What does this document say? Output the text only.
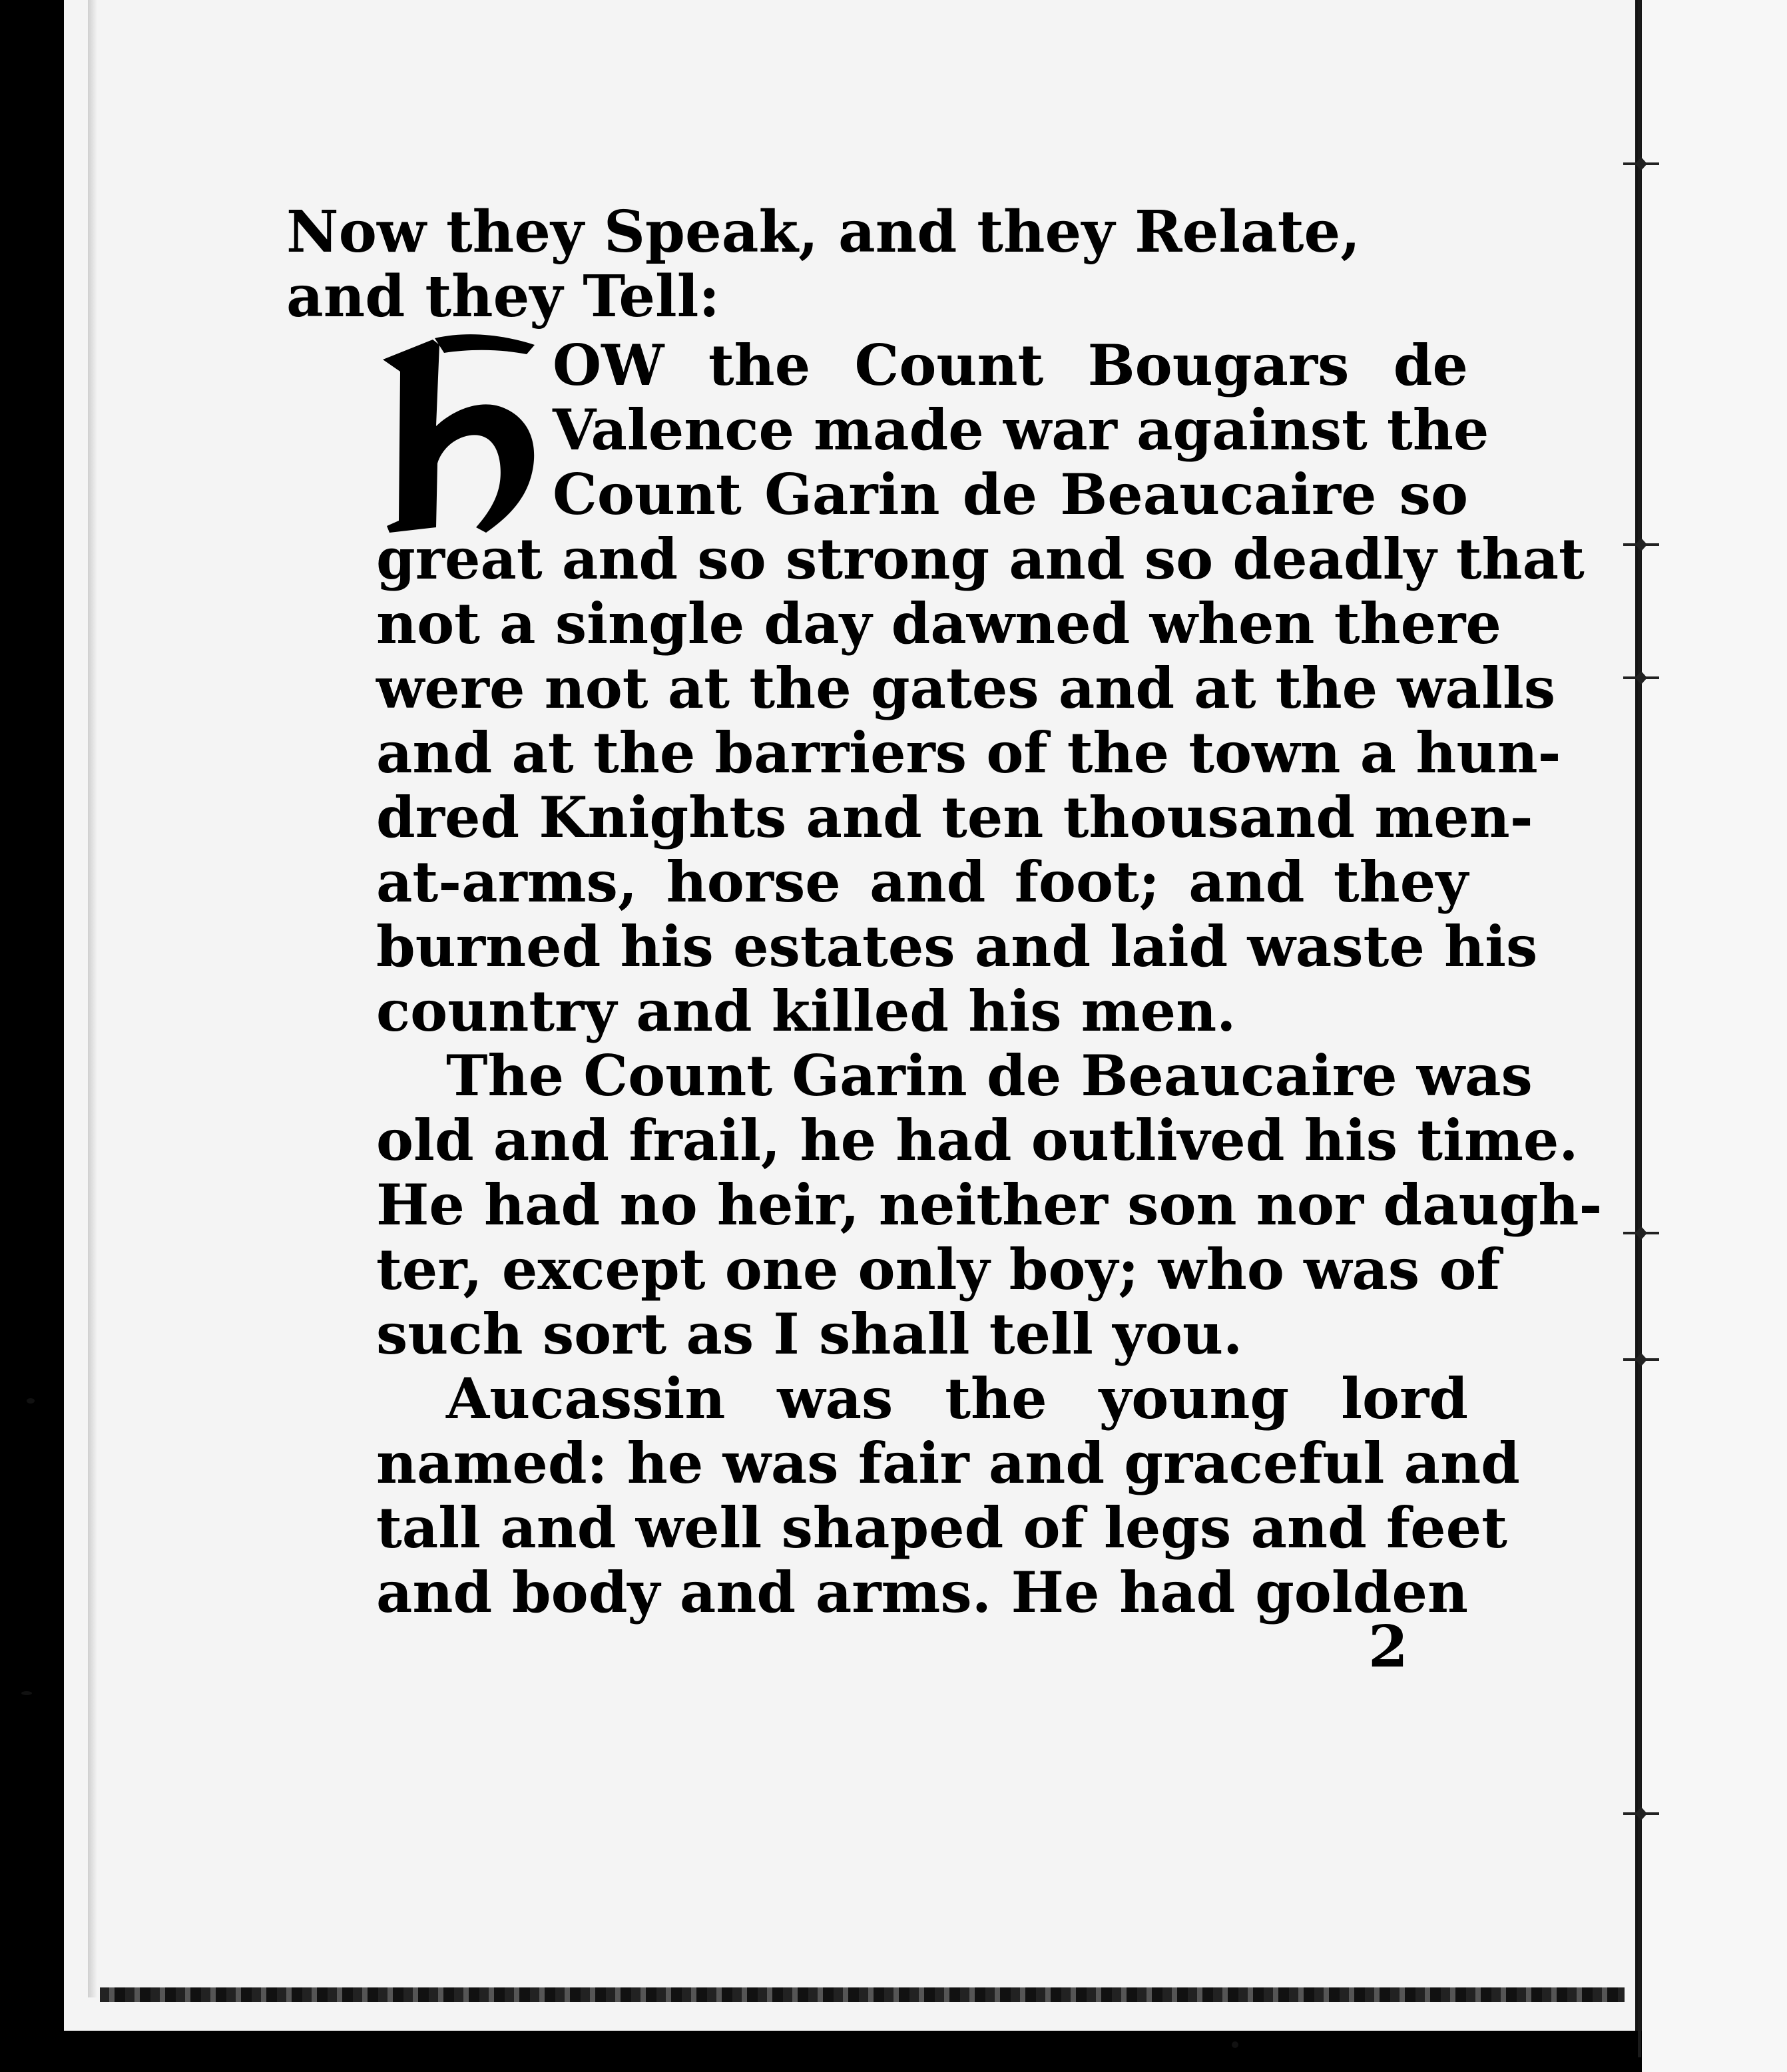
Now they Speak, and they Relate,
and they Tell:
OW the Count Bougars de
Valence made war against the
Count Garin de Beaucaire so
great and so strong and so deadly that
not a single day dawned when there
were not at the gates and at the walls
and at the barriers of the town a hun-
dred Knights and ten thousand men-
at-arms, horse and foot; and they
burned his estates and laid waste his
country and killed his men.
The Count Garin de Beaucaire was
old and frail, he had outlived his time.
He had no heir, neither son nor daugh-
ter, except one only boy; who was of
such sort as I shall tell you.
Aucassin was the young lord
named: he was fair and graceful and
tall and well shaped of legs and feet
and body and arms. He had golden
2
